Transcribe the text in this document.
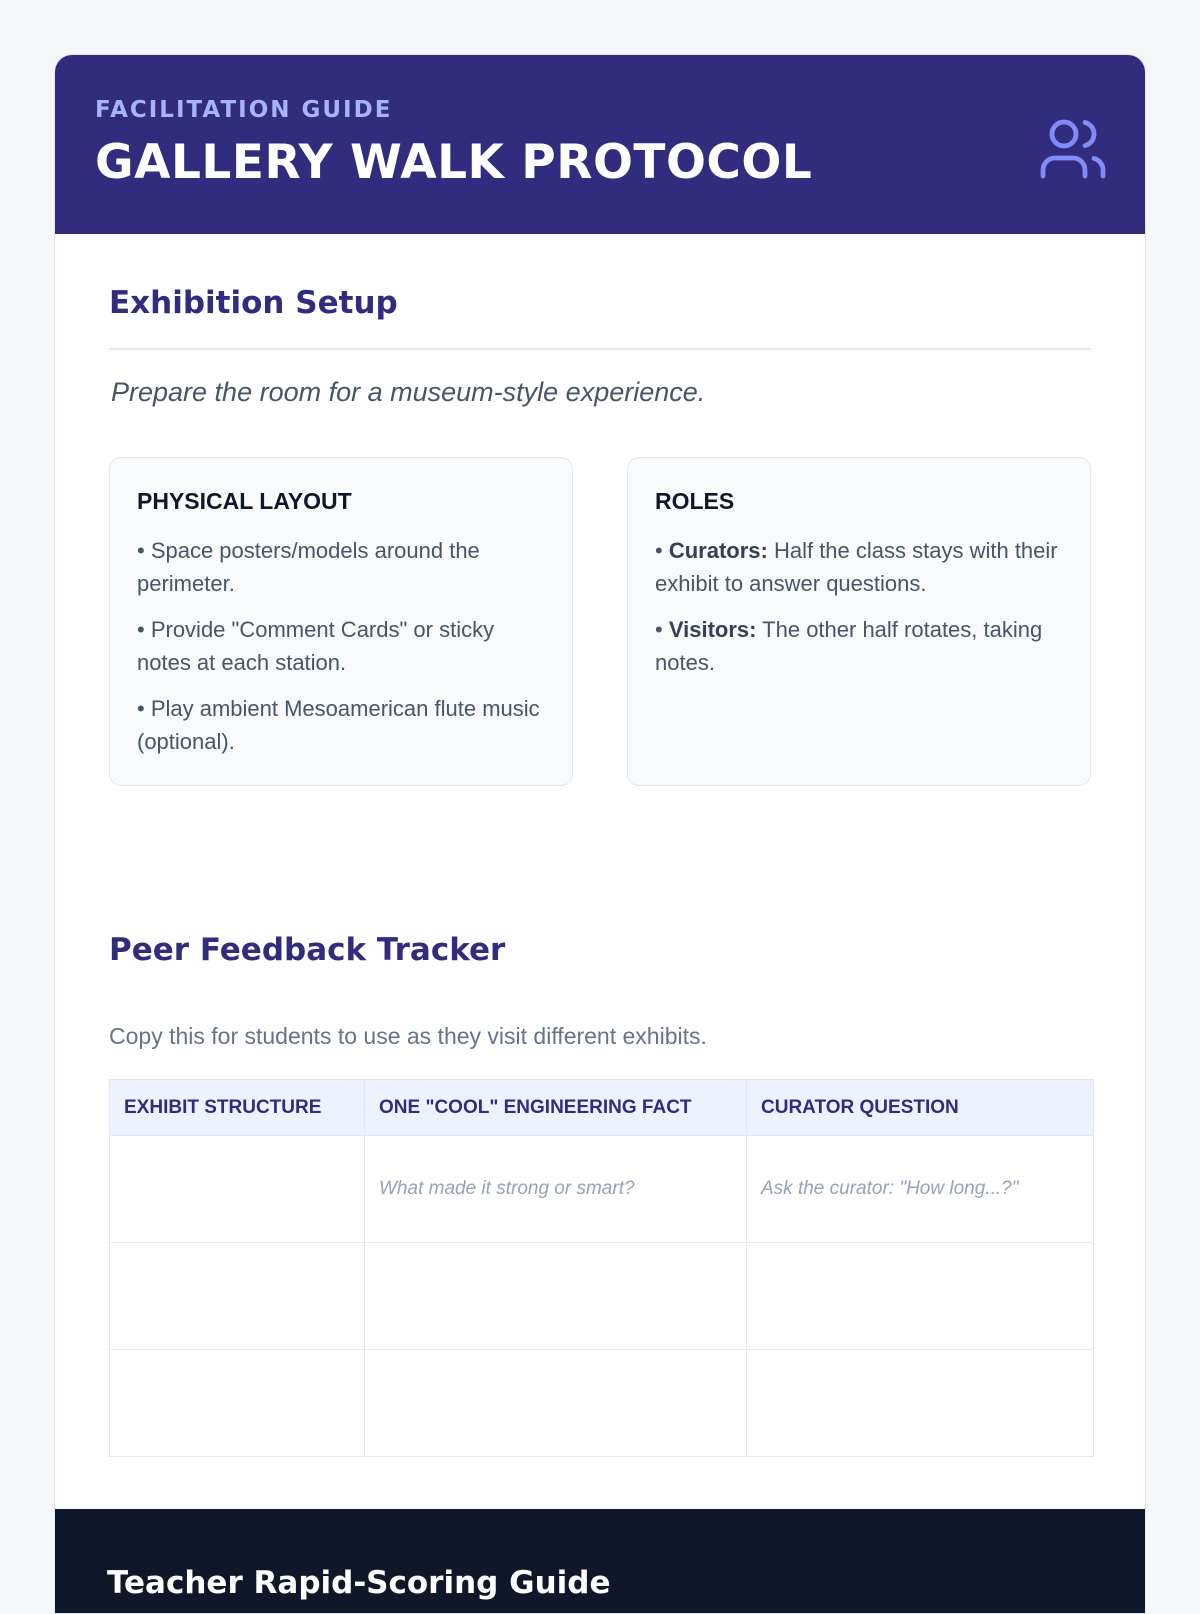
FACILITATION GUIDE
GALLERY WALK PROTOCOL
Exhibition Setup
Prepare the room for a museum-style experience.
PHYSICAL LAYOUT
• Space posters/models around the perimeter.
• Provide "Comment Cards" or sticky notes at each station.
• Play ambient Mesoamerican flute music (optional).
ROLES
• Curators: Half the class stays with their exhibit to answer questions.
• Visitors: The other half rotates, taking notes.
Peer Feedback Tracker
Copy this for students to use as they visit different exhibits.
EXHIBIT STRUCTURE	ONE "COOL" ENGINEERING FACT	CURATOR QUESTION
	What made it strong or smart?	Ask the curator: "How long...?"

Teacher Rapid-Scoring Guide
